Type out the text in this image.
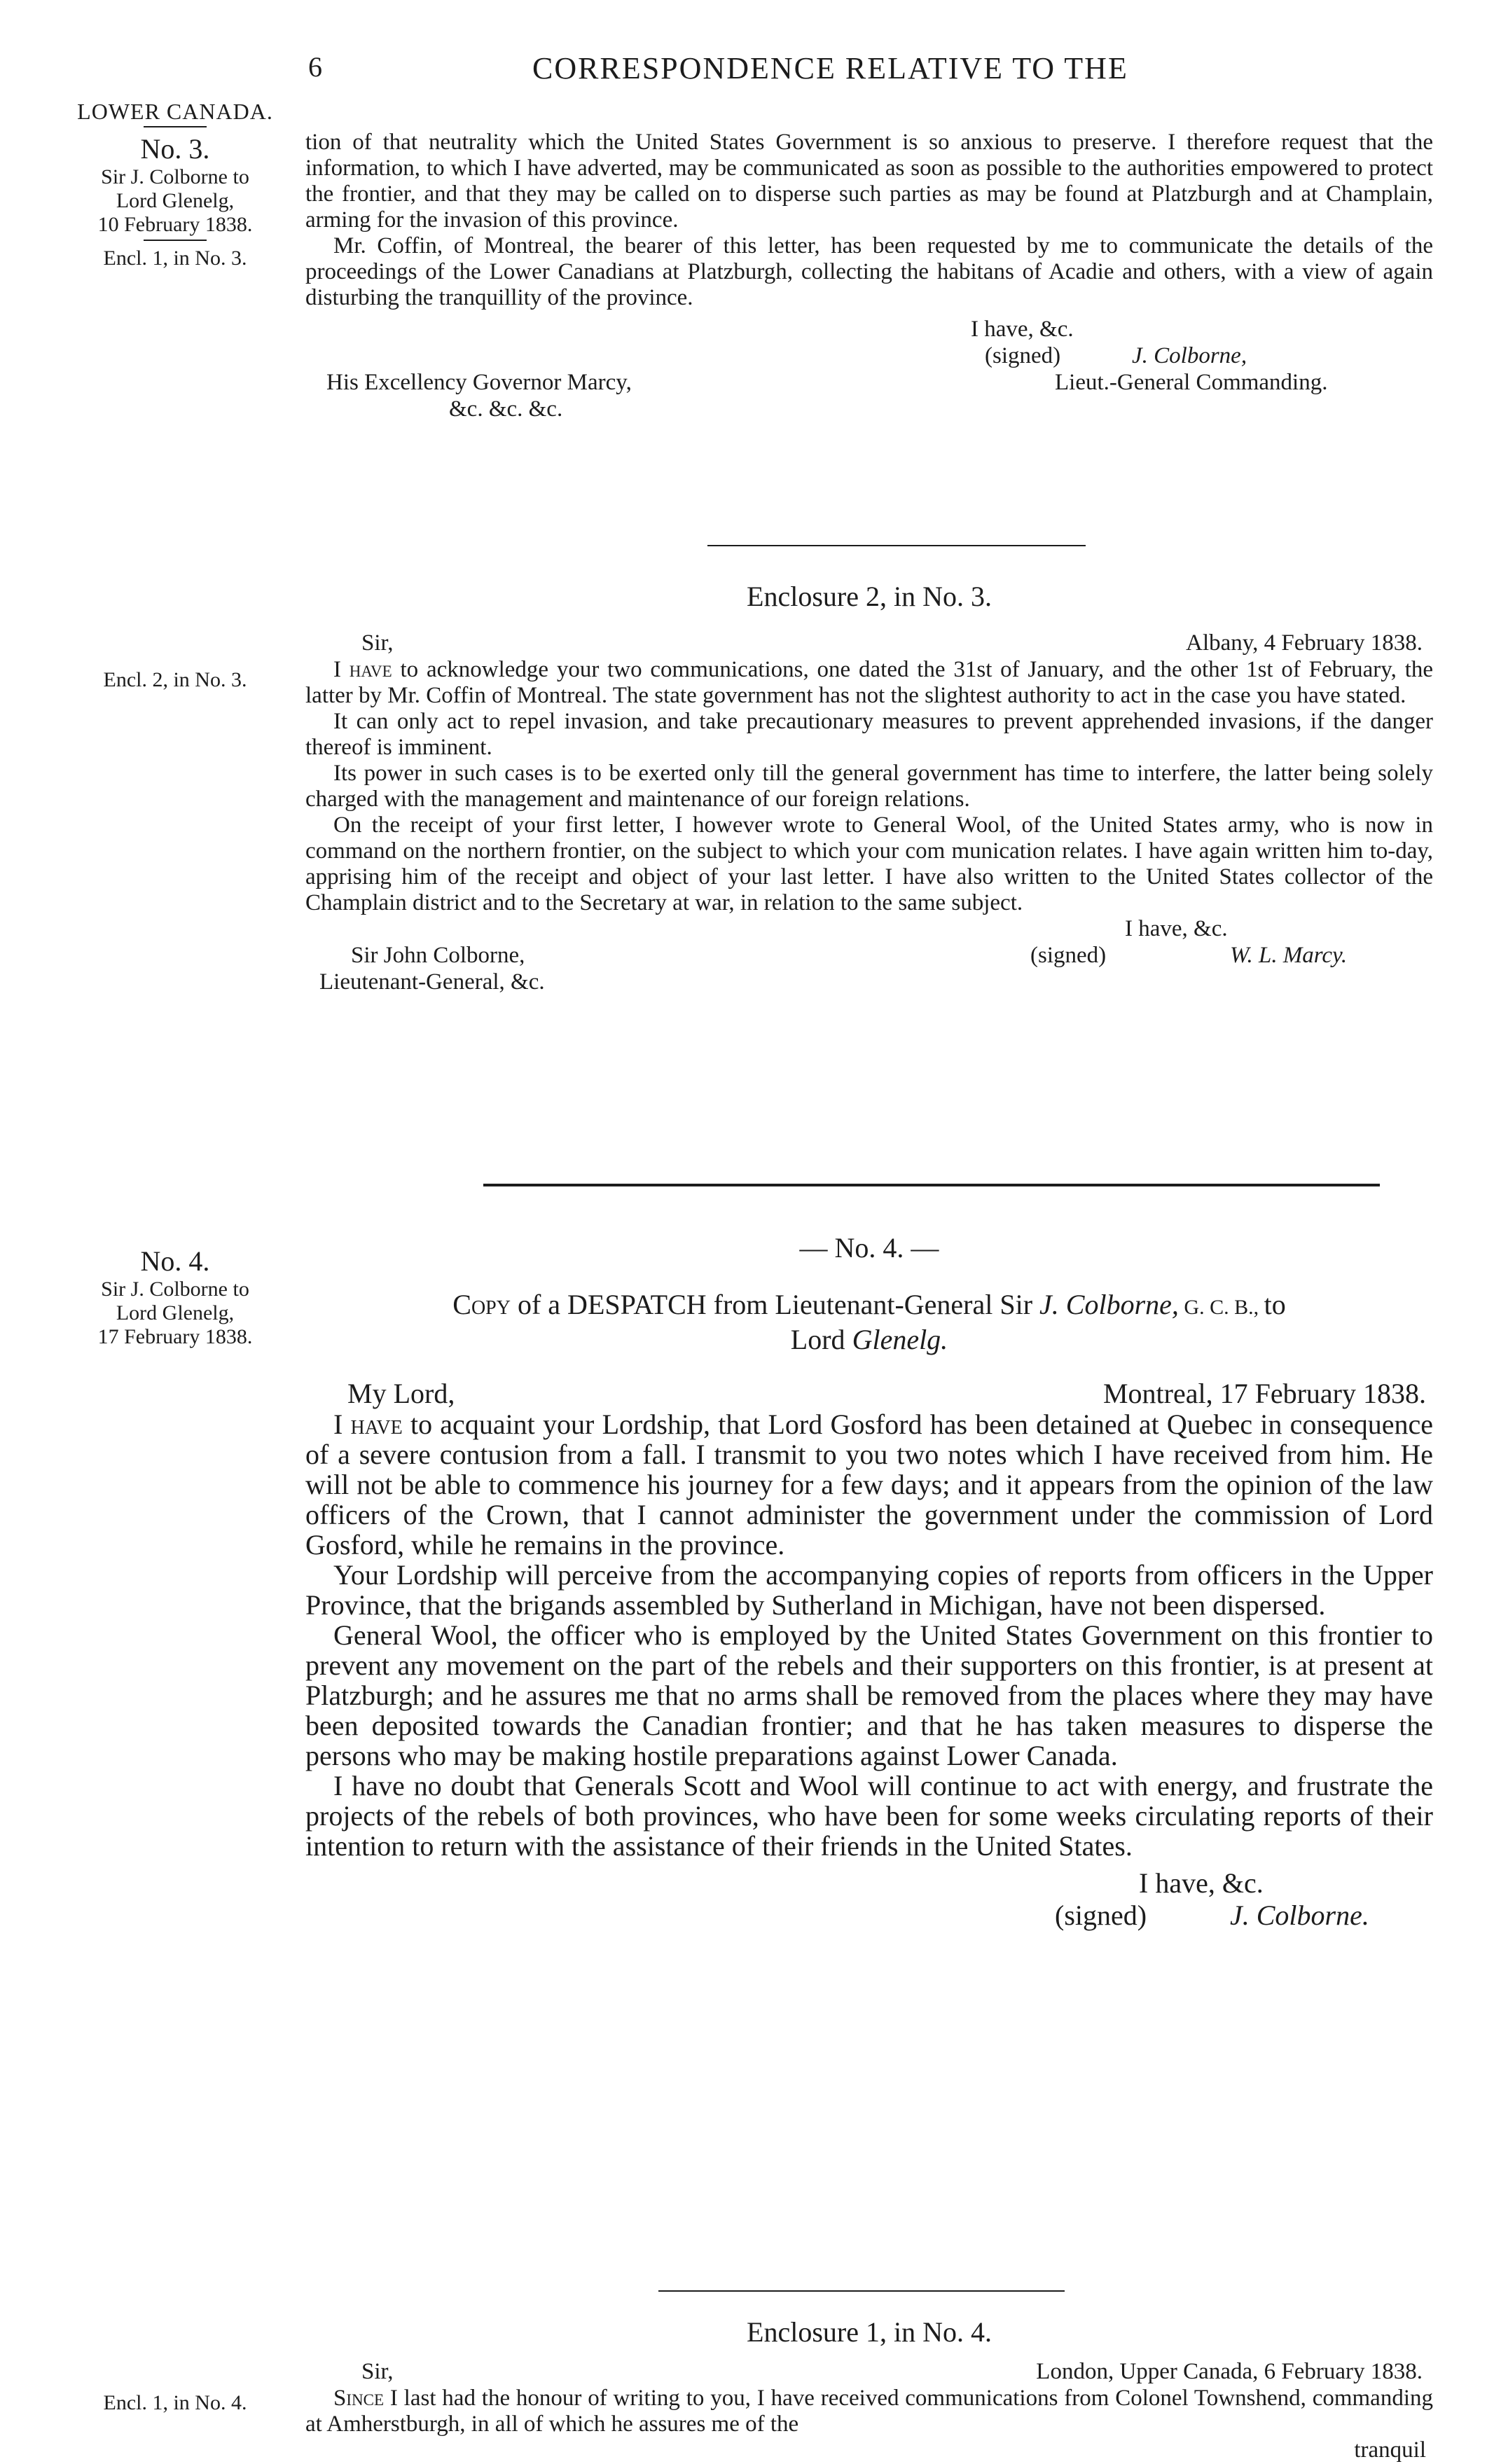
6	CORRESPONDENCE RELATIVE TO THE
LOWER CANADA.
No. 3.
Sir J. Colborne to
Lord Glenelg,
10 February 1838.
Encl. 1, in No. 3.

tion of that neutrality which the United States Government is so anxious to preserve. I therefore request that the information, to which I have adverted, may be communicated as soon as possible to the authorities empowered to protect the frontier, and that they may be called on to disperse such parties as may be found at Platzburgh and at Champlain, arming for the invasion of this province.

Mr. Coffin, of Montreal, the bearer of this letter, has been requested by me to communicate the details of the proceedings of the Lower Canadians at Platzburgh, collecting the habitans of Acadie and others, with a view of again disturbing the tranquillity of the province.

I have, &c.
(signed)	J. Colborne,
His Excellency Governor Marcy,	Lieut.-General Commanding.
&c. &c. &c.
Enclosure 2, in No. 3.
Encl. 2, in No. 3.
Sir,	Albany, 4 February 1838.

I have to acknowledge your two communications, one dated the 31st of January, and the other 1st of February, the latter by Mr. Coffin of Montreal. The state government has not the slightest authority to act in the case you have stated.

It can only act to repel invasion, and take precautionary measures to prevent apprehended invasions, if the danger thereof is imminent.

Its power in such cases is to be exerted only till the general government has time to interfere, the latter being solely charged with the management and maintenance of our foreign relations.

On the receipt of your first letter, I however wrote to General Wool, of the United States army, who is now in command on the northern frontier, on the subject to which your com munication relates. I have again written him to-day, apprising him of the receipt and object of your last letter. I have also written to the United States collector of the Champlain district and to the Secretary at war, in relation to the same subject.

I have, &c.
Sir John Colborne,	(signed)	W. L. Marcy.
Lieutenant-General, &c.
No. 4.
Sir J. Colborne to
Lord Glenelg,
17 February 1838.
— No. 4. —
Copy of a DESPATCH from Lieutenant-General Sir J. Colborne, G. C. B., to
Lord Glenelg.
My Lord,	Montreal, 17 February 1838.

I have to acquaint your Lordship, that Lord Gosford has been detained at Quebec in consequence of a severe contusion from a fall. I transmit to you two notes which I have received from him. He will not be able to commence his journey for a few days; and it appears from the opinion of the law officers of the Crown, that I cannot administer the government under the commission of Lord Gosford, while he remains in the province.

Your Lordship will perceive from the accompanying copies of reports from officers in the Upper Province, that the brigands assembled by Sutherland in Michigan, have not been dispersed.

General Wool, the officer who is employed by the United States Government on this frontier to prevent any movement on the part of the rebels and their supporters on this frontier, is at present at Platzburgh; and he assures me that no arms shall be removed from the places where they may have been deposited towards the Canadian frontier; and that he has taken measures to disperse the persons who may be making hostile preparations against Lower Canada.

I have no doubt that Generals Scott and Wool will continue to act with energy, and frustrate the projects of the rebels of both provinces, who have been for some weeks circulating reports of their intention to return with the assistance of their friends in the United States.

I have, &c.
(signed)	J. Colborne.
Enclosure 1, in No. 4.
Encl. 1, in No. 4.
Sir,	London, Upper Canada, 6 February 1838.

Since I last had the honour of writing to you, I have received communications from Colonel Townshend, commanding at Amherstburgh, in all of which he assures me of the

tranquil
